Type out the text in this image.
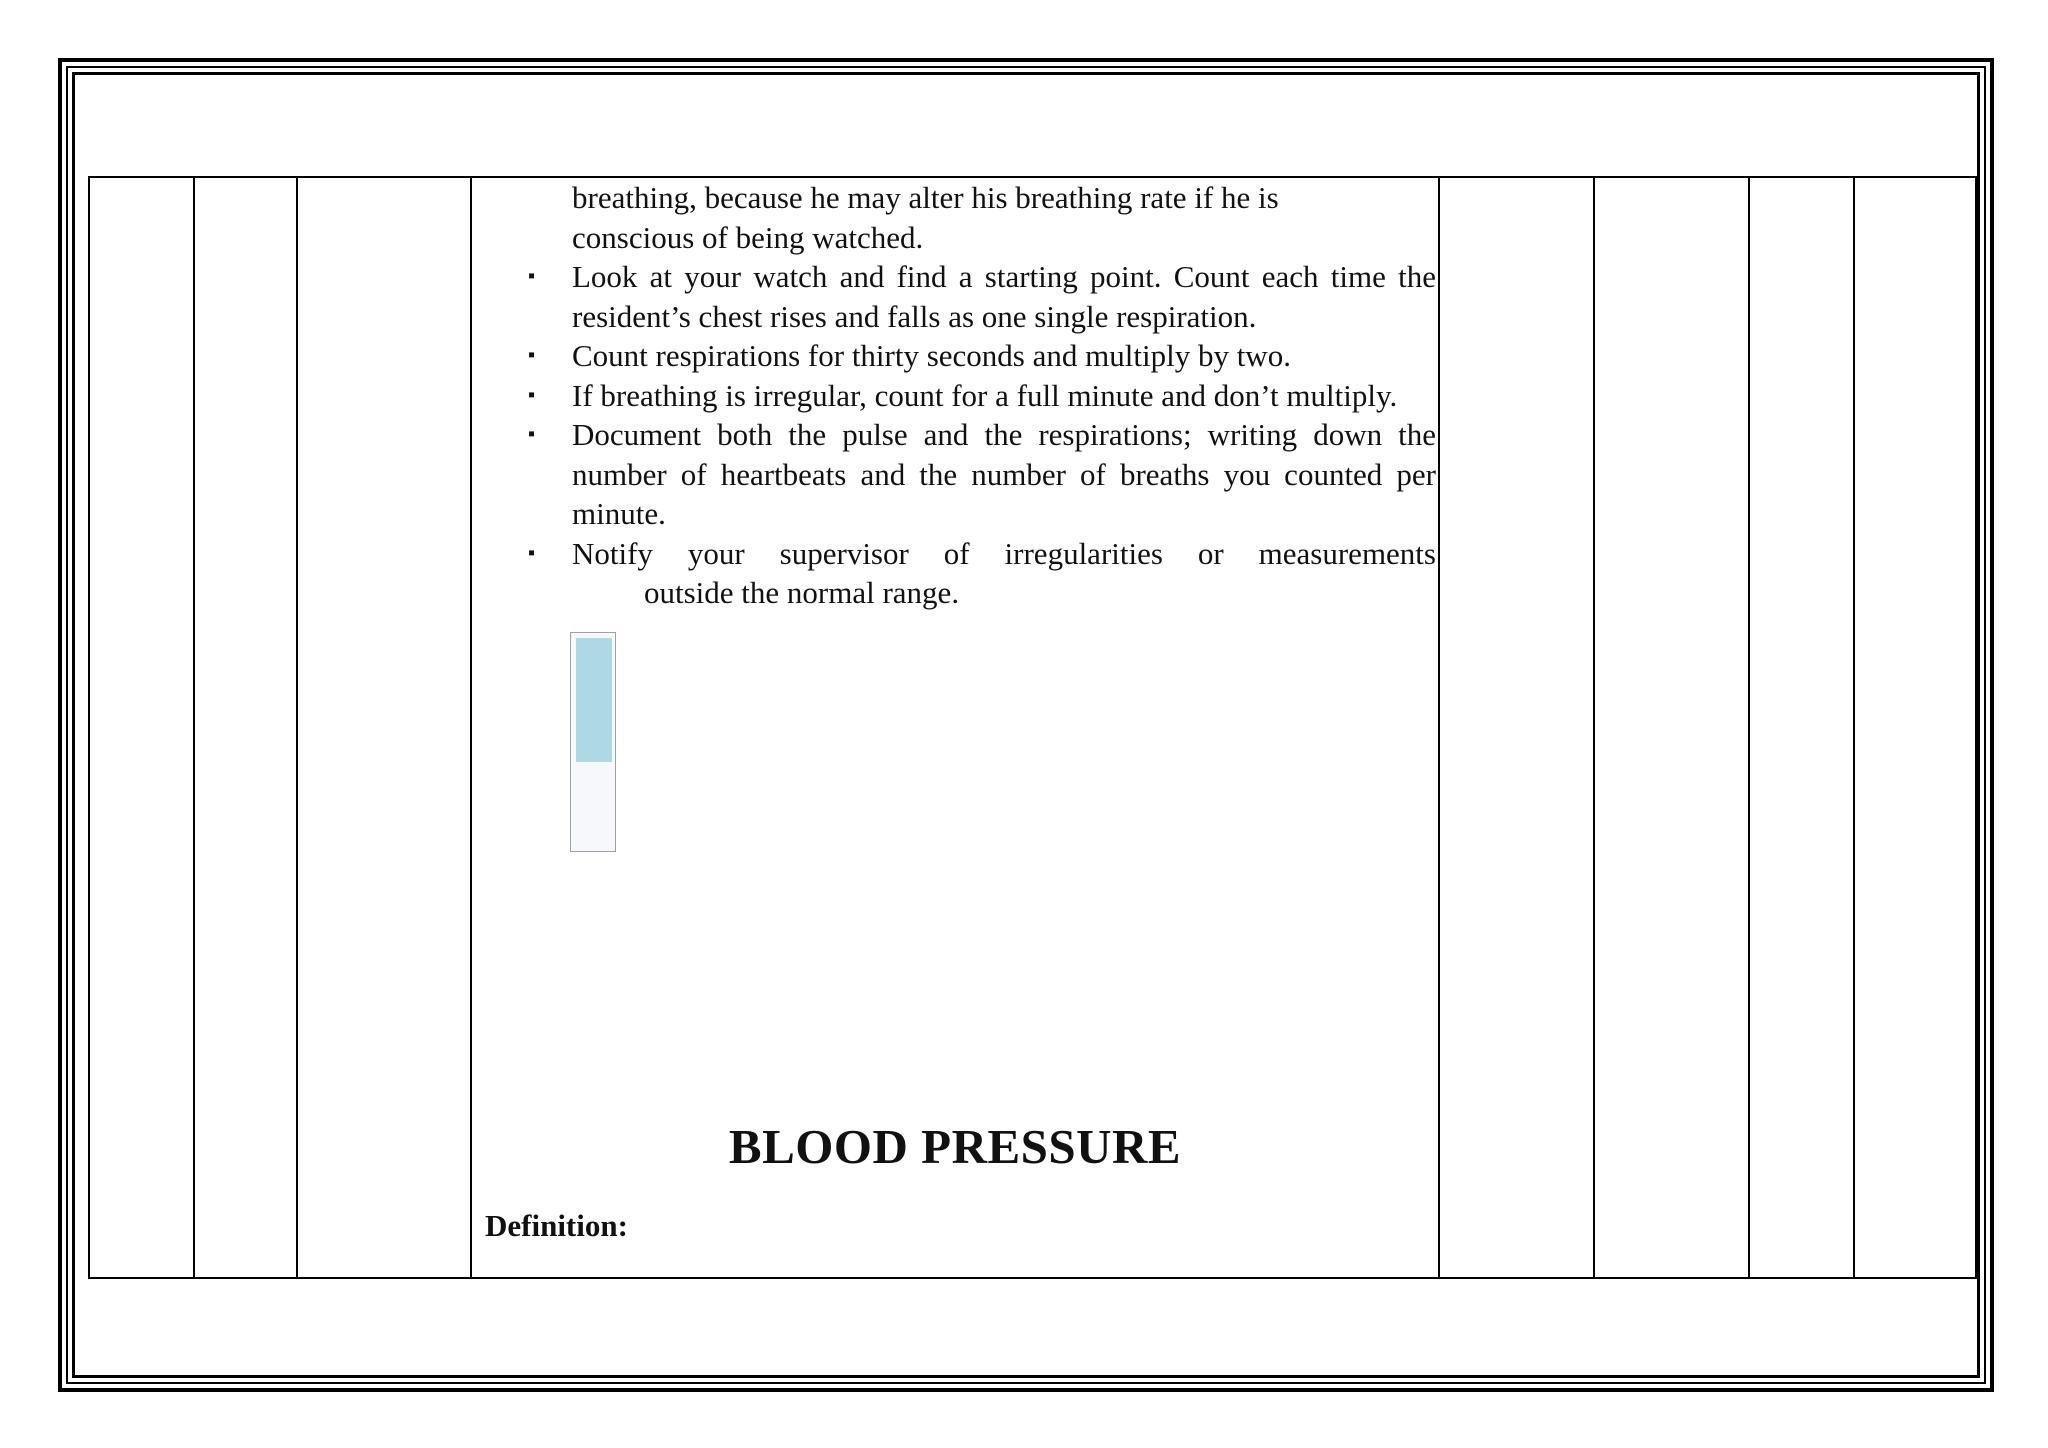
breathing, because he may alter his breathing rate if he is
conscious of being watched.

▪ Look at your watch and find a starting point. Count each time the resident’s chest rises and falls as one single respiration.

▪ Count respirations for thirty seconds and multiply by two.

▪ If breathing is irregular, count for a full minute and don’t multiply.

▪ Document both the pulse and the respirations; writing down the number of heartbeats and the number of breaths you counted per minute.

▪ Notify your supervisor of irregularities or measurements
outside the normal range.

BLOOD PRESSURE
Definition:
